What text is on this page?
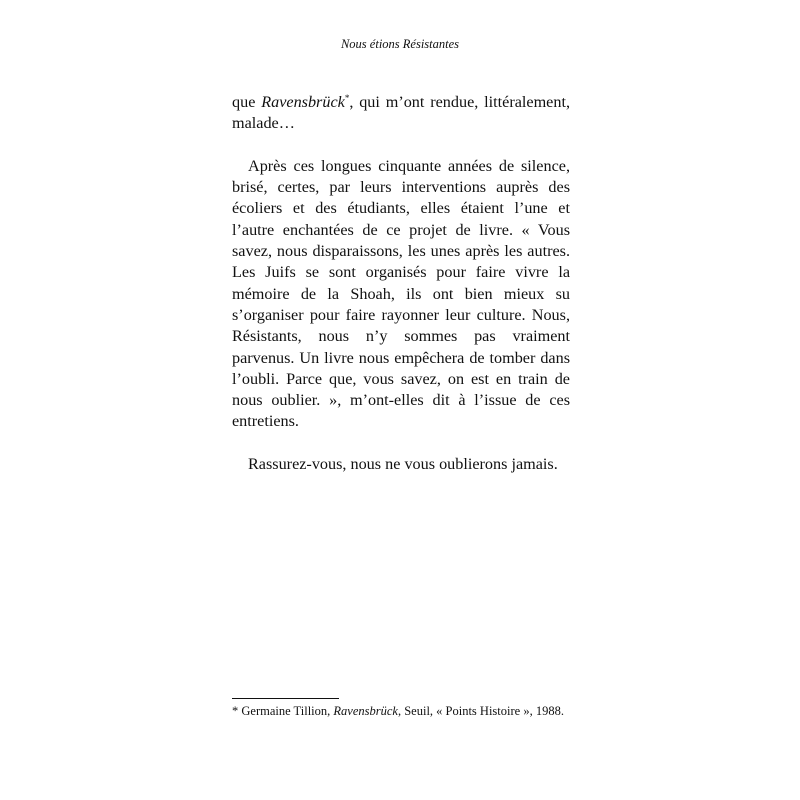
Nous étions Résistantes

que Ravensbrück*, qui m’ont rendue, littéralement, malade…

Après ces longues cinquante années de silence, brisé, certes, par leurs interventions auprès des écoliers et des étudiants, elles étaient l’une et l’autre enchantées de ce projet de livre. « Vous savez, nous disparaissons, les unes après les autres. Les Juifs se sont organisés pour faire vivre la mémoire de la Shoah, ils ont bien mieux su s’organiser pour faire rayonner leur culture. Nous, Résistants, nous n’y sommes pas vraiment parvenus. Un livre nous empêchera de tomber dans l’oubli. Parce que, vous savez, on est en train de nous oublier. », m’ont-elles dit à l’issue de ces entretiens.

Rassurez-vous, nous ne vous oublierons jamais.

* Germaine Tillion, Ravensbrück, Seuil, « Points Histoire », 1988.
